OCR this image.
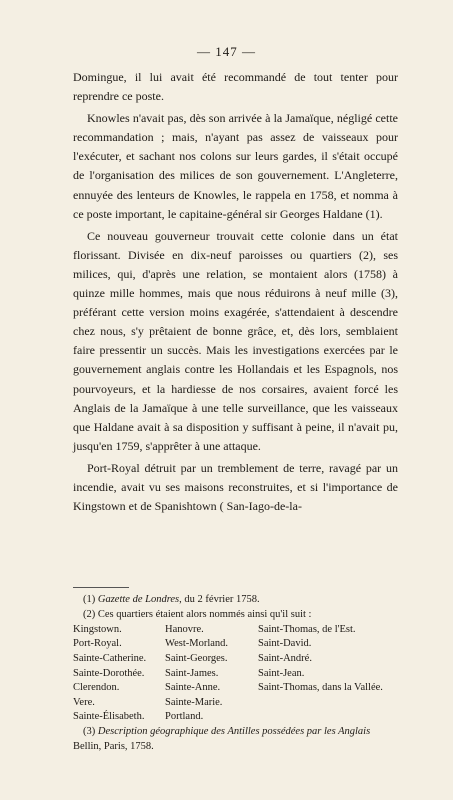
— 147 —

Domingue, il lui avait été recommandé de tout tenter pour reprendre ce poste.

Knowles n'avait pas, dès son arrivée à la Jamaïque, négligé cette recommandation ; mais, n'ayant pas assez de vaisseaux pour l'exécuter, et sachant nos colons sur leurs gardes, il s'était occupé de l'organisation des milices de son gouvernement. L'Angleterre, ennuyée des lenteurs de Knowles, le rappela en 1758, et nomma à ce poste important, le capitaine-général sir Georges Haldane (1).

Ce nouveau gouverneur trouvait cette colonie dans un état florissant. Divisée en dix-neuf paroisses ou quartiers (2), ses milices, qui, d'après une relation, se montaient alors (1758) à quinze mille hommes, mais que nous réduirons à neuf mille (3), préférant cette version moins exagérée, s'attendaient à descendre chez nous, s'y prêtaient de bonne grâce, et, dès lors, semblaient faire pressentir un succès. Mais les investigations exercées par le gouvernement anglais contre les Hollandais et les Espagnols, nos pourvoyeurs, et la hardiesse de nos corsaires, avaient forcé les Anglais de la Jamaïque à une telle surveillance, que les vaisseaux que Haldane avait à sa disposition y suffisant à peine, il n'avait pu, jusqu'en 1759, s'apprêter à une attaque.

Port-Royal détruit par un tremblement de terre, ravagé par un incendie, avait vu ses maisons reconstruites, et si l'importance de Kingstown et de Spanishtown ( San-Iago-de-la-

(1) Gazette de Londres, du 2 février 1758.
(2) Ces quartiers étaient alors nommés ainsi qu'il suit :
Kingstown.	Hanovre.	Saint-Thomas, de l'Est.
Port-Royal.	West-Morland.	Saint-David.
Sainte-Catherine.	Saint-Georges.	Saint-André.
Sainte-Dorothée.	Saint-James.	Saint-Jean.
Clerendon.	Sainte-Anne.	Saint-Thomas, dans la Vallée.
Vere.	Sainte-Marie.	
Sainte-Élisabeth.	Portland.	
(3) Description géographique des Antilles possédées par les Anglais
Bellin, Paris, 1758.
